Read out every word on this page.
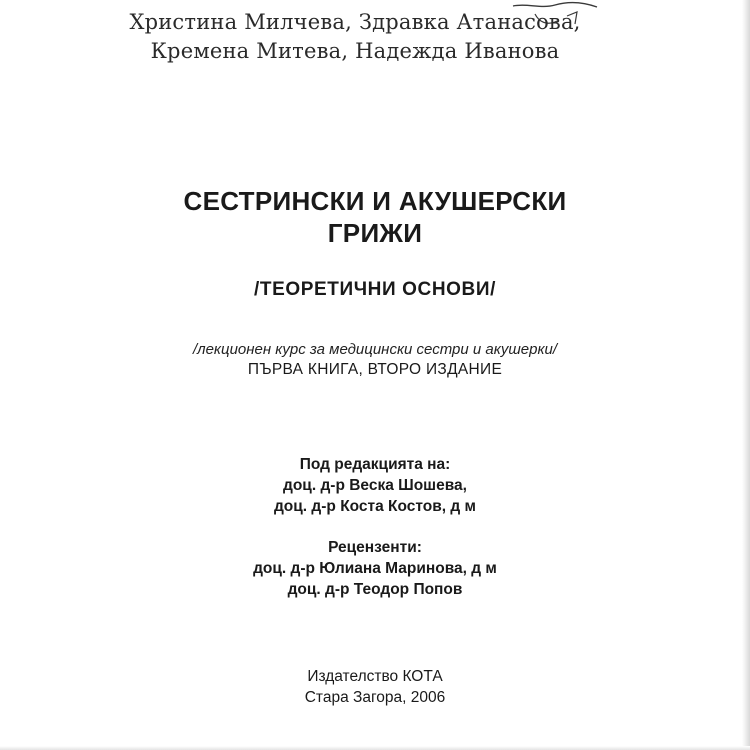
Христина Милчева, Здравка Атанасова,
Кремена Митева, Надежда Иванова
СЕСТРИНСКИ И АКУШЕРСКИ
ГРИЖИ
/ТЕОРЕТИЧНИ ОСНОВИ/
/лекционен курс за медицински сестри и акушерки/
ПЪРВА КНИГА, ВТОРО ИЗДАНИЕ
Под редакцията на:
доц. д-р Веска Шошева,
доц. д-р Коста Костов, д м
Рецензенти:
доц. д-р Юлиана Маринова, д м
доц. д-р Теодор Попов
Издателство КОТА
Стара Загора, 2006
